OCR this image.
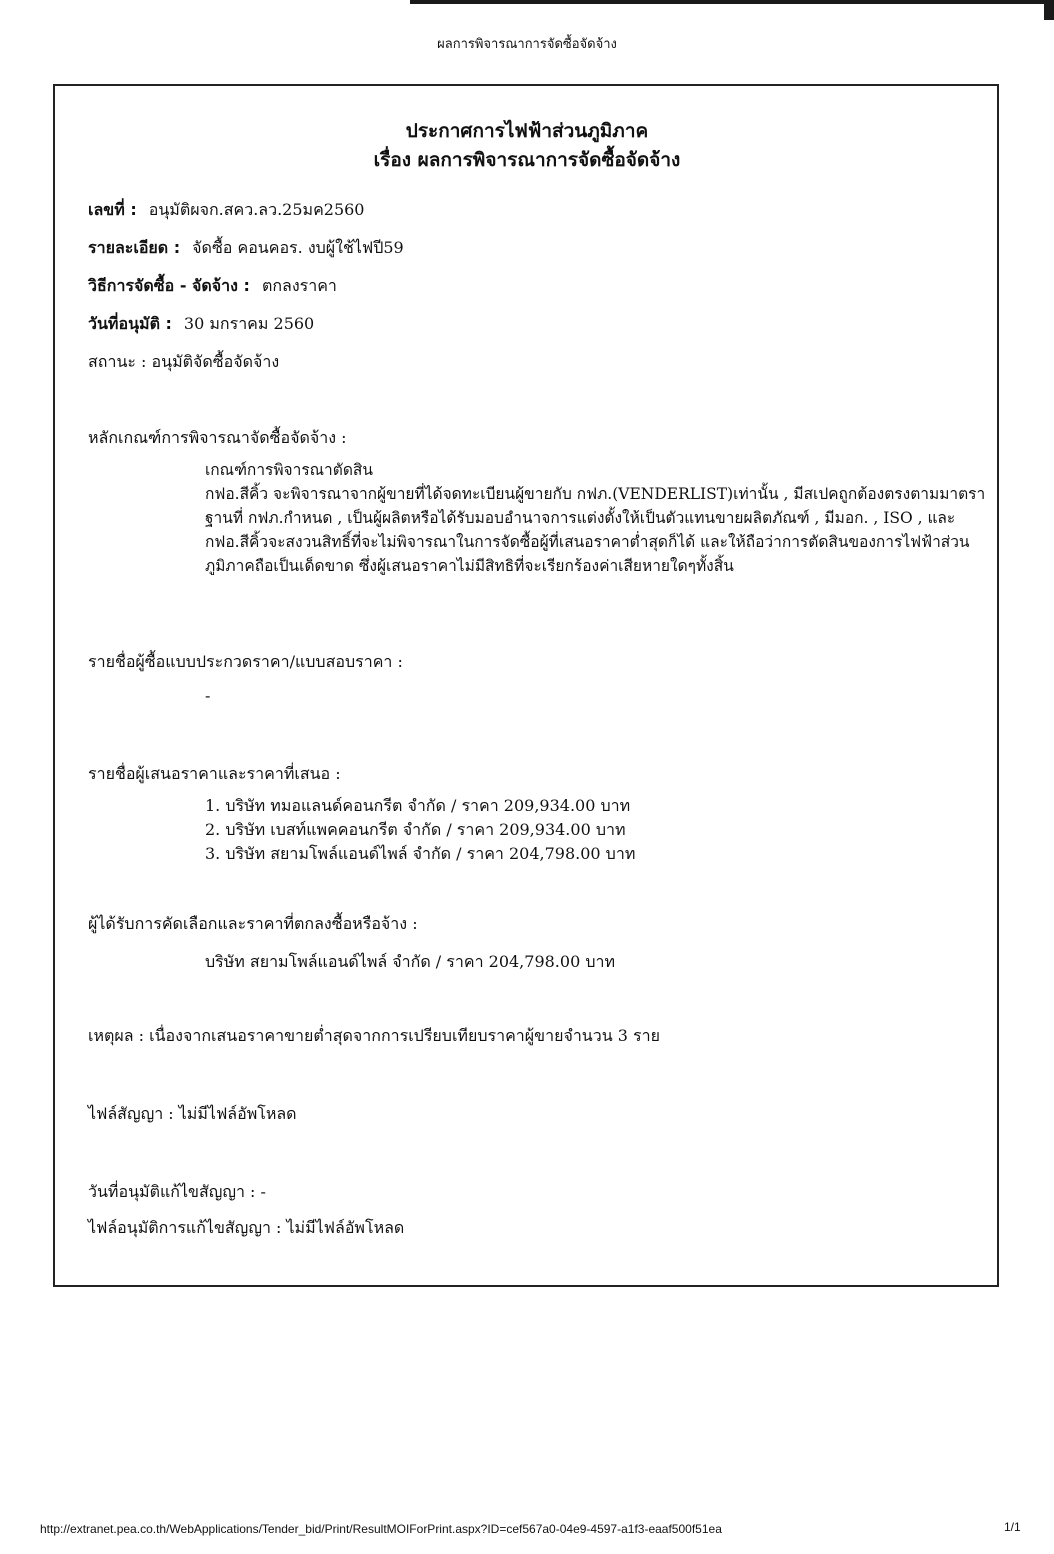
ผลการพิจารณาการจัดซื้อจัดจ้าง
ประกาศการไฟฟ้าส่วนภูมิภาค
เรื่อง ผลการพิจารณาการจัดซื้อจัดจ้าง
เลขที่ : อนุมัติผจก.สคว.ลว.25มค2560
รายละเอียด : จัดซื้อ คอนคอร. งบผู้ใช้ไฟปี59
วิธีการจัดซื้อ - จัดจ้าง : ตกลงราคา
วันที่อนุมัติ : 30 มกราคม 2560
สถานะ : อนุมัติจัดซื้อจัดจ้าง
หลักเกณฑ์การพิจารณาจัดซื้อจัดจ้าง :
เกณฑ์การพิจารณาตัดสิน
กฟอ.สีคิ้ว จะพิจารณาจากผู้ขายที่ได้จดทะเบียนผู้ขายกับ กฟภ.(VENDERLIST)เท่านั้น , มีสเปคถูกต้องตรงตามมาตราฐานที่ กฟภ.กำหนด , เป็นผู้ผลิตหรือได้รับมอบอำนาจการแต่งตั้งให้เป็นตัวแทนขายผลิตภัณฑ์ , มีมอก. , ISO , และกฟอ.สีคิ้วจะสงวนสิทธิ์ที่จะไม่พิจารณาในการจัดซื้อผู้ที่เสนอราคาต่ำสุดก็ได้ และให้ถือว่าการตัดสินของการไฟฟ้าส่วนภูมิภาคถือเป็นเด็ดขาด ซึ่งผู้เสนอราคาไม่มีสิทธิที่จะเรียกร้องค่าเสียหายใดๆทั้งสิ้น
รายชื่อผู้ซื้อแบบประกวดราคา/แบบสอบราคา :
-
รายชื่อผู้เสนอราคาและราคาที่เสนอ :
1. บริษัท ทมอแลนด์คอนกรีต จำกัด / ราคา 209,934.00 บาท
2. บริษัท เบสท์แพคคอนกรีต จำกัด / ราคา 209,934.00 บาท
3. บริษัท สยามโพล์แอนด์ไพล์ จำกัด / ราคา 204,798.00 บาท
ผู้ได้รับการคัดเลือกและราคาที่ตกลงซื้อหรือจ้าง :
บริษัท สยามโพล์แอนด์ไพล์ จำกัด / ราคา 204,798.00 บาท
เหตุผล : เนื่องจากเสนอราคาขายต่ำสุดจากการเปรียบเทียบราคาผู้ขายจำนวน 3 ราย
ไฟล์สัญญา : ไม่มีไฟล์อัพโหลด
วันที่อนุมัติแก้ไขสัญญา : -
ไฟล์อนุมัติการแก้ไขสัญญา : ไม่มีไฟล์อัพโหลด
http://extranet.pea.co.th/WebApplications/Tender_bid/Print/ResultMOIForPrint.aspx?ID=cef567a0-04e9-4597-a1f3-eaaf500f51ea	1/1
